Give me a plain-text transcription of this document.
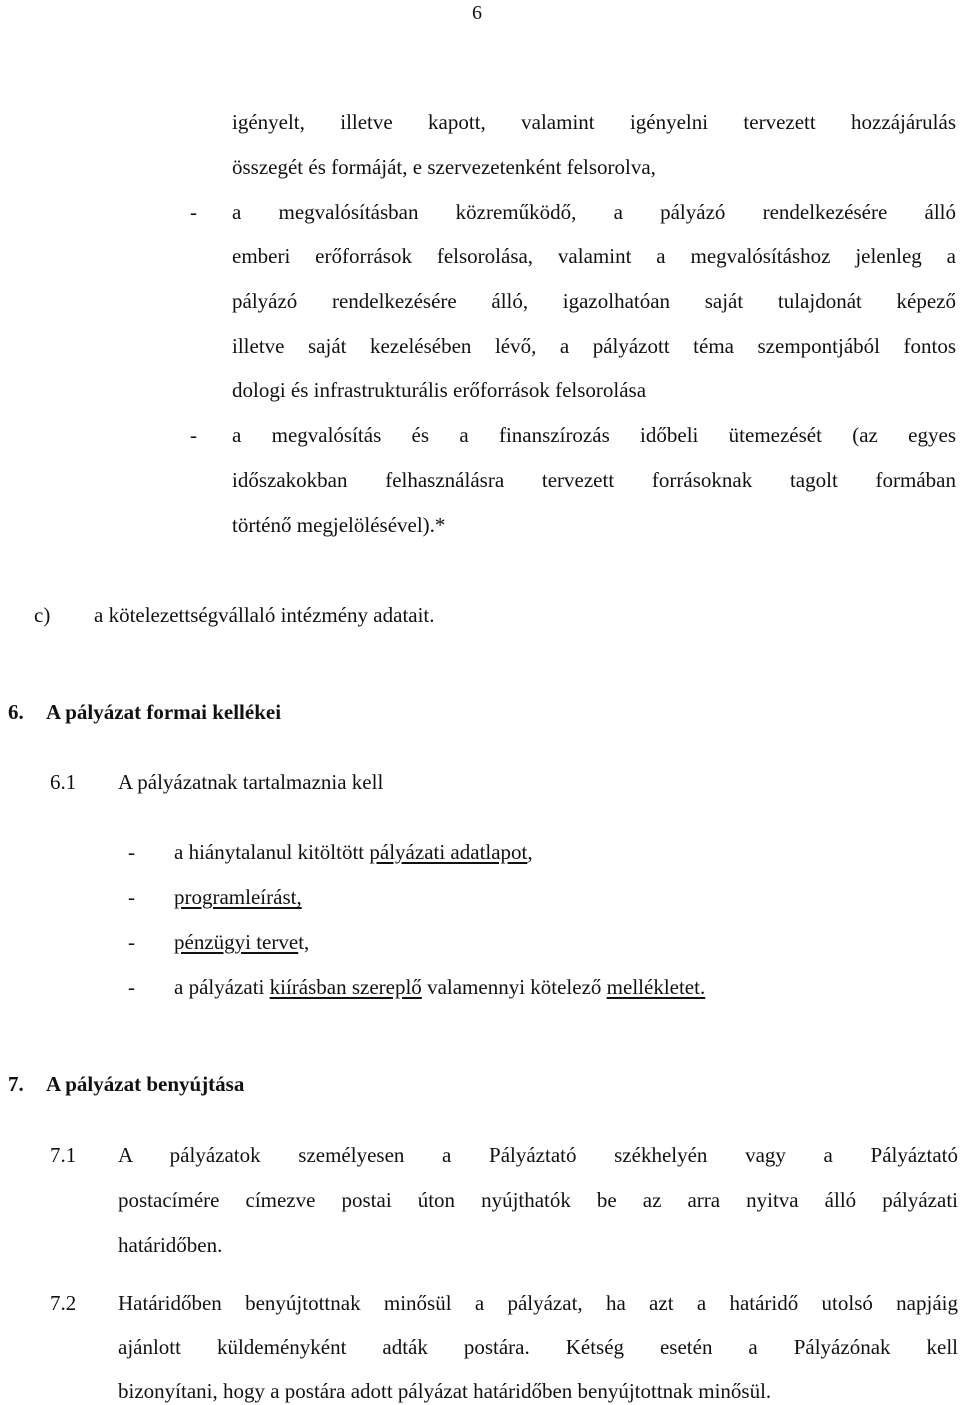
6
igényelt, illetve kapott, valamint igényelni tervezett hozzájárulás
összegét és formáját, e szervezetenként felsorolva,
- a megvalósításban közreműködő, a pályázó rendelkezésére álló
emberi erőforrások felsorolása, valamint a megvalósításhoz jelenleg a
pályázó rendelkezésére álló, igazolhatóan saját tulajdonát képező
illetve saját kezelésében lévő, a pályázott téma szempontjából fontos
dologi és infrastrukturális erőforrások felsorolása
- a megvalósítás és a finanszírozás időbeli ütemezését (az egyes
időszakokban felhasználásra tervezett forrásoknak tagolt formában
történő megjelölésével).*
c) a kötelezettségvállaló intézmény adatait.
6. A pályázat formai kellékei
6.1 A pályázatnak tartalmaznia kell
- a hiánytalanul kitöltött pályázati adatlapot,
- programleírást,
- pénzügyi tervet,
- a pályázati kiírásban szereplő valamennyi kötelező mellékletet.
7. A pályázat benyújtása
7.1 A pályázatok személyesen a Pályáztató székhelyén vagy a Pályáztató
postacímére címezve postai úton nyújthatók be az arra nyitva álló pályázati
határidőben.
7.2 Határidőben benyújtottnak minősül a pályázat, ha azt a határidő utolsó napjáig
ajánlott küldeményként adták postára. Kétség esetén a Pályázónak kell
bizonyítani, hogy a postára adott pályázat határidőben benyújtottnak minősül.
